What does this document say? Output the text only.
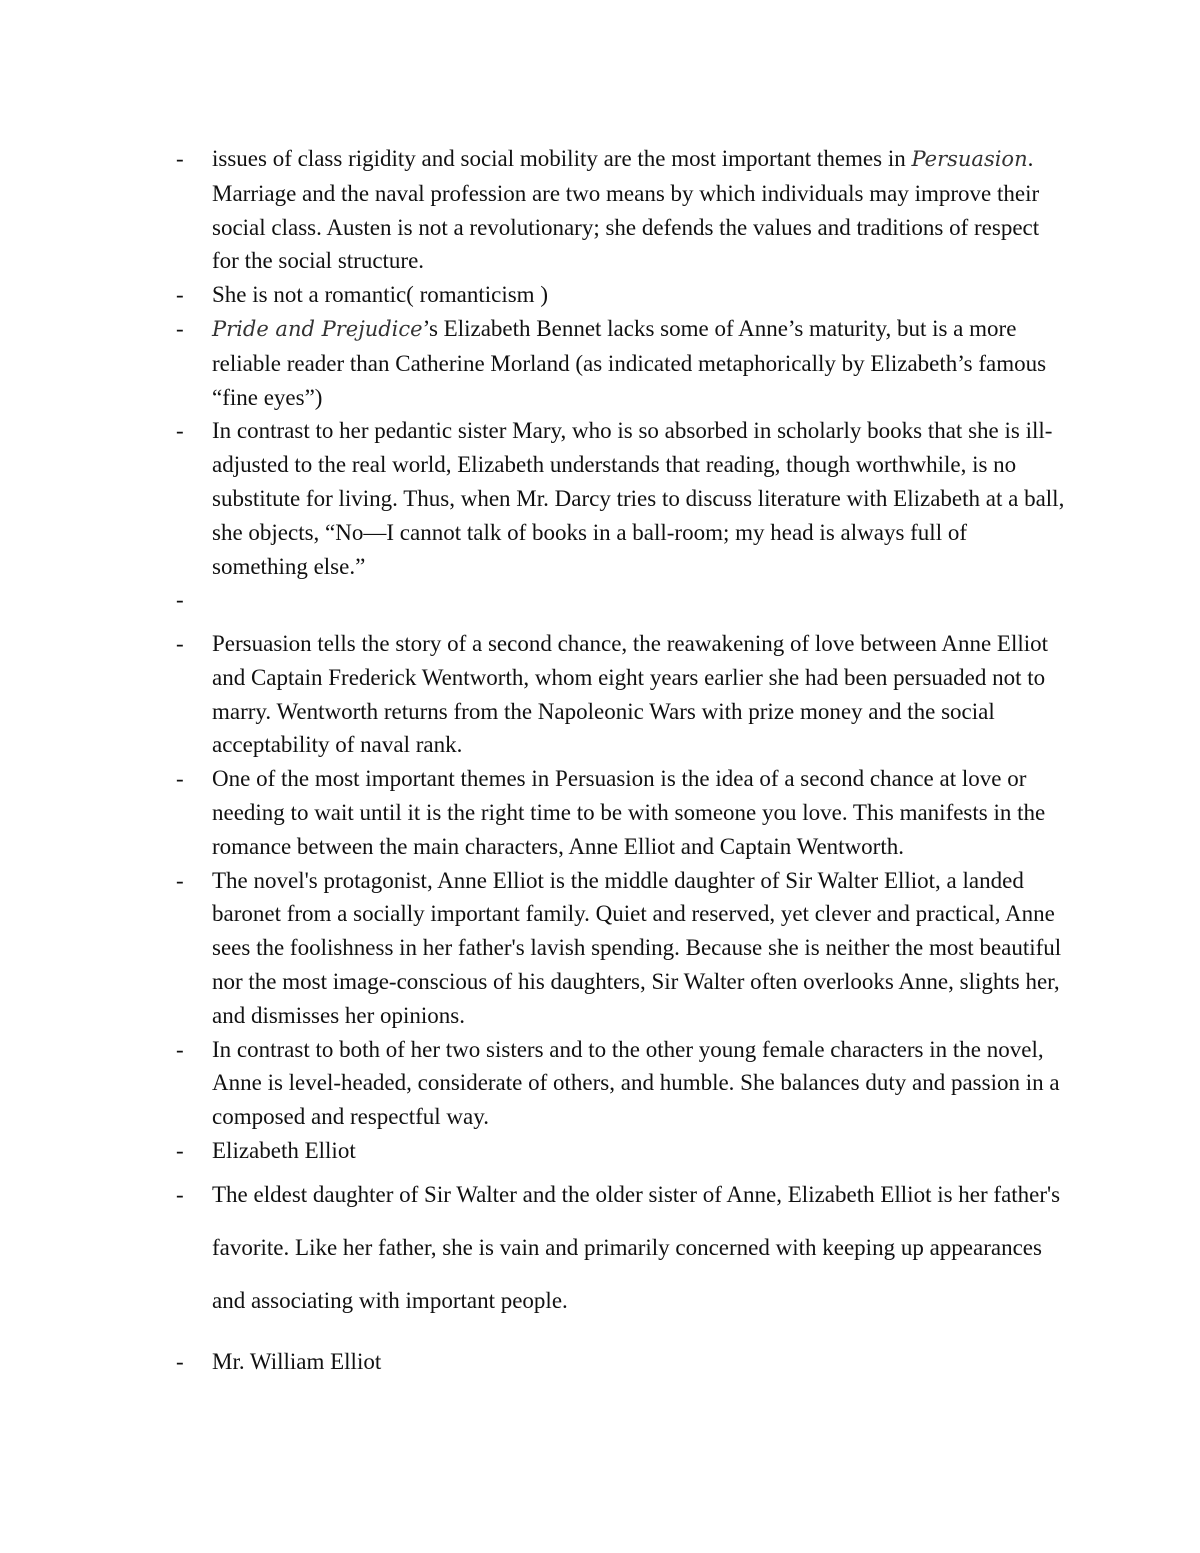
-	issues of class rigidity and social mobility are the most important themes in Persuasion. Marriage and the naval profession are two means by which individuals may improve their social class. Austen is not a revolutionary; she defends the values and traditions of respect for the social structure.
-	She is not a romantic( romanticism )
-	Pride and Prejudice’s Elizabeth Bennet lacks some of Anne’s maturity, but is a more reliable reader than Catherine Morland (as indicated metaphorically by Elizabeth’s famous “fine eyes”)
-	In contrast to her pedantic sister Mary, who is so absorbed in scholarly books that she is ill-adjusted to the real world, Elizabeth understands that reading, though worthwhile, is no substitute for living. Thus, when Mr. Darcy tries to discuss literature with Elizabeth at a ball, she objects, “No—I cannot talk of books in a ball-room; my head is always full of something else.”
-
-	Persuasion tells the story of a second chance, the reawakening of love between Anne Elliot and Captain Frederick Wentworth, whom eight years earlier she had been persuaded not to marry. Wentworth returns from the Napoleonic Wars with prize money and the social acceptability of naval rank.
-	One of the most important themes in Persuasion is the idea of a second chance at love or needing to wait until it is the right time to be with someone you love. This manifests in the romance between the main characters, Anne Elliot and Captain Wentworth.
-	The novel's protagonist, Anne Elliot is the middle daughter of Sir Walter Elliot, a landed baronet from a socially important family. Quiet and reserved, yet clever and practical, Anne sees the foolishness in her father's lavish spending. Because she is neither the most beautiful nor the most image-conscious of his daughters, Sir Walter often overlooks Anne, slights her, and dismisses her opinions.
-	In contrast to both of her two sisters and to the other young female characters in the novel, Anne is level-headed, considerate of others, and humble. She balances duty and passion in a composed and respectful way.
-	Elizabeth Elliot
-	The eldest daughter of Sir Walter and the older sister of Anne, Elizabeth Elliot is her father's favorite. Like her father, she is vain and primarily concerned with keeping up appearances and associating with important people.
-	Mr. William Elliot
